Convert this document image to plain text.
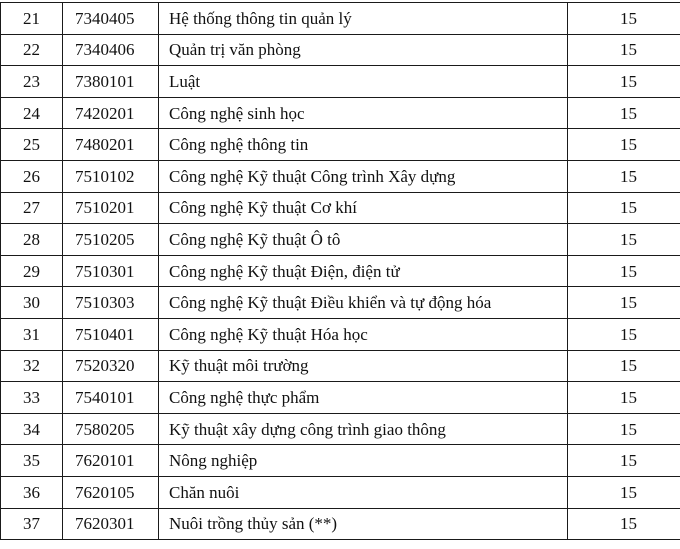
21	7340405	Hệ thống thông tin quản lý	15
22	7340406	Quản trị văn phòng	15
23	7380101	Luật	15
24	7420201	Công nghệ sinh học	15
25	7480201	Công nghệ thông tin	15
26	7510102	Công nghệ Kỹ thuật Công trình Xây dựng	15
27	7510201	Công nghệ Kỹ thuật Cơ khí	15
28	7510205	Công nghệ Kỹ thuật Ô tô	15
29	7510301	Công nghệ Kỹ thuật Điện, điện tử	15
30	7510303	Công nghệ Kỹ thuật Điều khiển và tự động hóa	15
31	7510401	Công nghệ Kỹ thuật Hóa học	15
32	7520320	Kỹ thuật môi trường	15
33	7540101	Công nghệ thực phẩm	15
34	7580205	Kỹ thuật xây dựng công trình giao thông	15
35	7620101	Nông nghiệp	15
36	7620105	Chăn nuôi	15
37	7620301	Nuôi trồng thủy sản (**)	15
